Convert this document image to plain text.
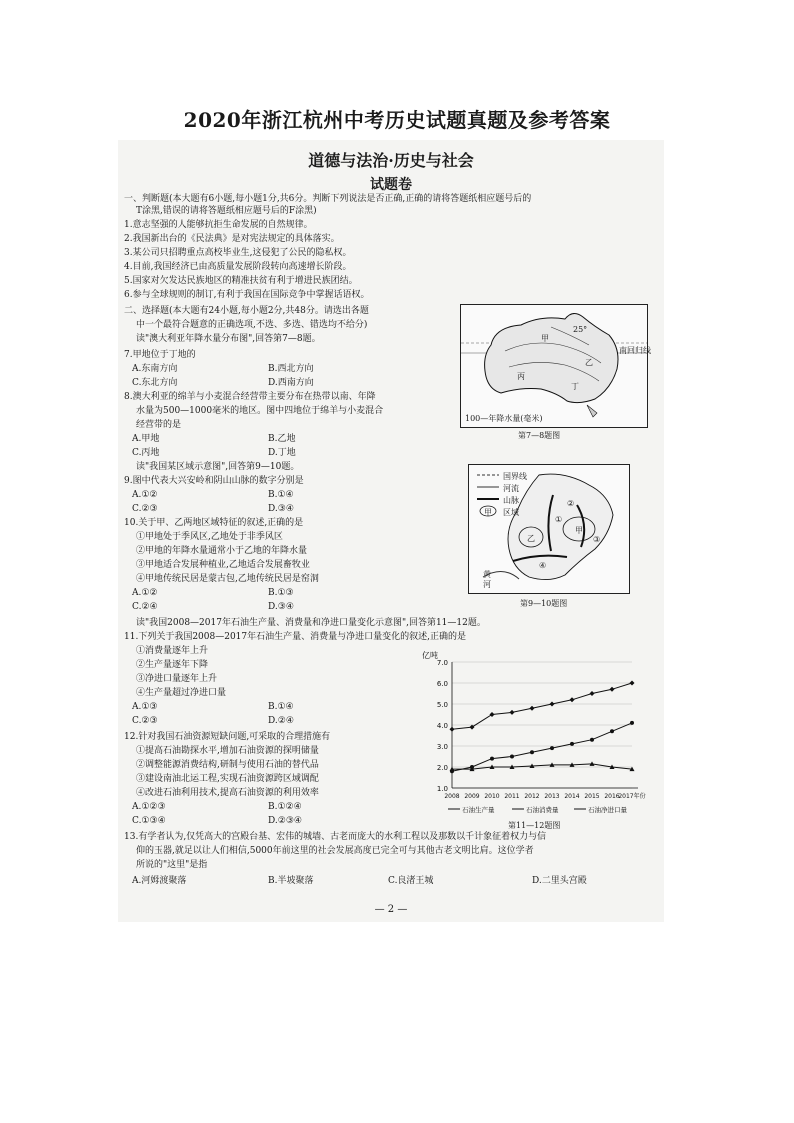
2020年浙江杭州中考历史试题真题及参考答案
道德与法治·历史与社会
试题卷
一、判断题(本大题有6小题,每小题1分,共6分。判断下列说法是否正确,正确的请将答题纸相应题号后的
T涂黑,错误的请将答题纸相应题号后的F涂黑)
1.意志坚强的人能够抗拒生命发展的自然规律。
2.我国新出台的《民法典》是对宪法规定的具体落实。
3.某公司只招聘重点高校毕业生,这侵犯了公民的隐私权。
4.目前,我国经济已由高质量发展阶段转向高速增长阶段。
5.国家对欠发达民族地区的精准扶贫有利于增进民族团结。
6.参与全球规则的制订,有利于我国在国际竞争中掌握话语权。
二、选择题(本大题有24小题,每小题2分,共48分。请选出各题
中一个最符合题意的正确选项,不选、多选、错选均不给分)
读"澳大利亚年降水量分布图",回答第7—8题。
7.甲地位于丁地的
A.东南方向	B.西北方向
C.东北方向	D.西南方向
8.澳大利亚的绵羊与小麦混合经营带主要分布在热带以南、年降
水量为500—1000毫米的地区。图中四地位于绵羊与小麦混合
经营带的是
A.甲地	B.乙地
C.丙地	D.丁地
读"我国某区域示意图",回答第9—10题。
9.图中代表大兴安岭和阴山山脉的数字分别是
A.①②	B.①④
C.②③	D.③④
10.关于甲、乙两地区域特征的叙述,正确的是
①甲地处于季风区,乙地处于非季风区
②甲地的年降水量通常小于乙地的年降水量
③甲地适合发展种植业,乙地适合发展畜牧业
④甲地传统民居是蒙古包,乙地传统民居是窑洞
A.①②	B.①③
C.②④	D.③④
读"我国2008—2017年石油生产量、消费量和净进口量变化示意图",回答第11—12题。
11.下列关于我国2008—2017年石油生产量、消费量与净进口量变化的叙述,正确的是
①消费量逐年上升
②生产量逐年下降
③净进口量逐年上升
④生产量超过净进口量
A.①③	B.①④
C.②③	D.②④
12.针对我国石油资源短缺问题,可采取的合理措施有
①提高石油勘探水平,增加石油资源的探明储量
②调整能源消费结构,研制与使用石油的替代品
③建设南油北运工程,实现石油资源跨区域调配
④改进石油利用技术,提高石油资源的利用效率
A.①②③	B.①②④
C.①③④	D.②③④
13.有学者认为,仅凭高大的宫殿台基、宏伟的城墙、古老而庞大的水利工程以及那数以千计象征着权力与信
仰的玉器,就足以让人们相信,5000年前这里的社会发展高度已完全可与其他古老文明比肩。这位学者
所说的"这里"是指
A.河姆渡聚落	B.半坡聚落	C.良渚王城	D.二里头宫殿
25°
南回归线
甲
乙
丙
丁
100—年降水量(毫米)
第7—8题图
国界线
河流
山脉
甲 区域
①
②
③
④
甲
乙
黄
河
第9—10题图
亿吨
1.0
2.0
3.0
4.0
5.0
6.0
7.0
2008 2009 2010 2011 2012 2013 2014 2015 2016
2017年份
石油生产量	石油消费量	石油净进口量
第11—12题图
— 2 —
